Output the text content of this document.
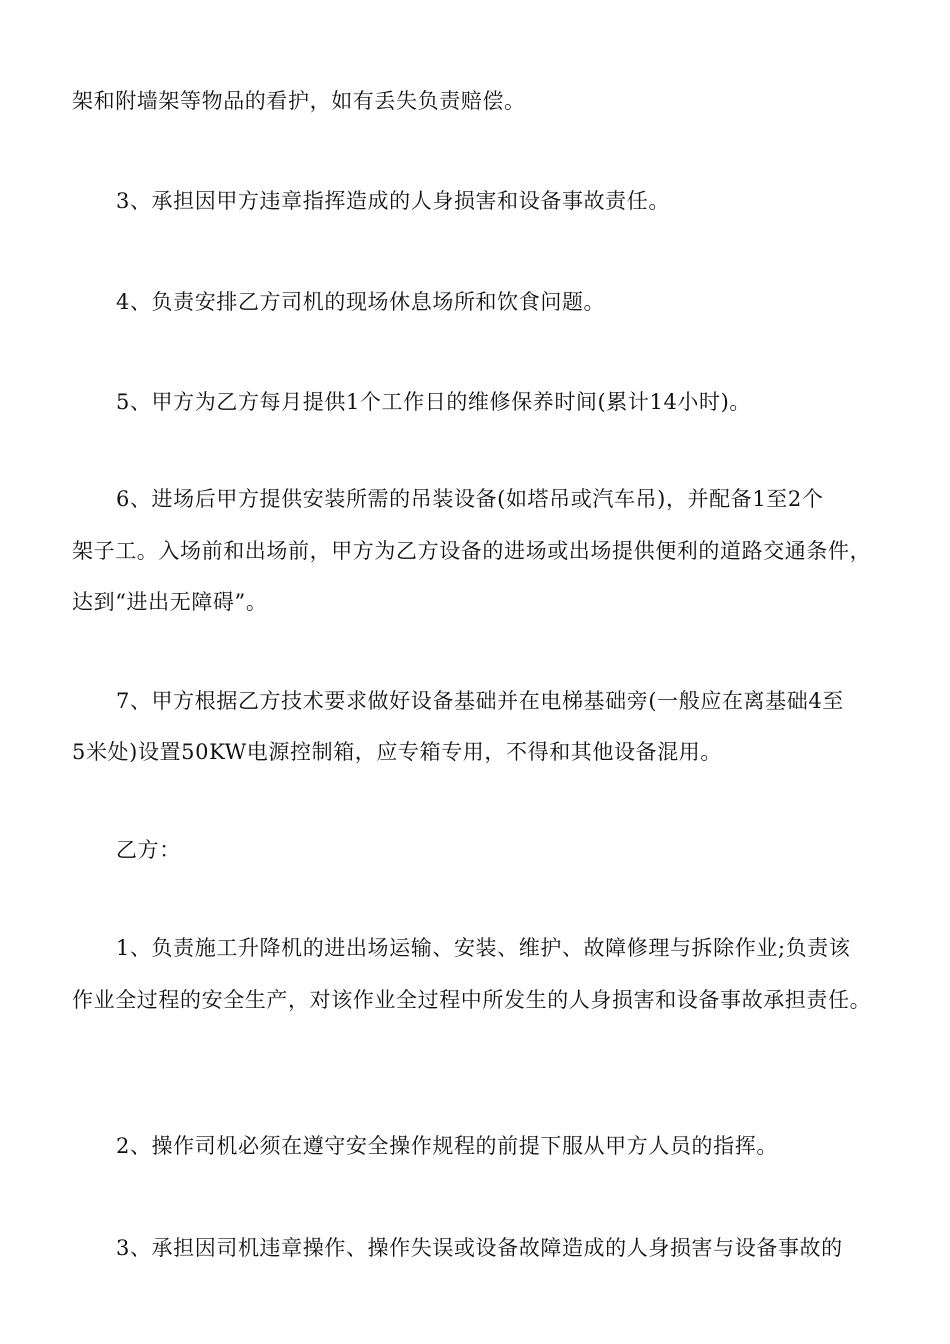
架和附墙架等物品的看护，如有丢失负责赔偿。
3、承担因甲方违章指挥造成的人身损害和设备事故责任。
4、负责安排乙方司机的现场休息场所和饮食问题。
5、甲方为乙方每月提供1个工作日的维修保养时间(累计14小时)。
6、进场后甲方提供安装所需的吊装设备(如塔吊或汽车吊)，并配备1至2个
架子工。入场前和出场前，甲方为乙方设备的进场或出场提供便利的道路交通条件，
达到“进出无障碍”。
7、甲方根据乙方技术要求做好设备基础并在电梯基础旁(一般应在离基础4至
5米处)设置50KW电源控制箱，应专箱专用，不得和其他设备混用。
乙方：
1、负责施工升降机的进出场运输、安装、维护、故障修理与拆除作业;负责该
作业全过程的安全生产，对该作业全过程中所发生的人身损害和设备事故承担责任。
2、操作司机必须在遵守安全操作规程的前提下服从甲方人员的指挥。
3、承担因司机违章操作、操作失误或设备故障造成的人身损害与设备事故的
